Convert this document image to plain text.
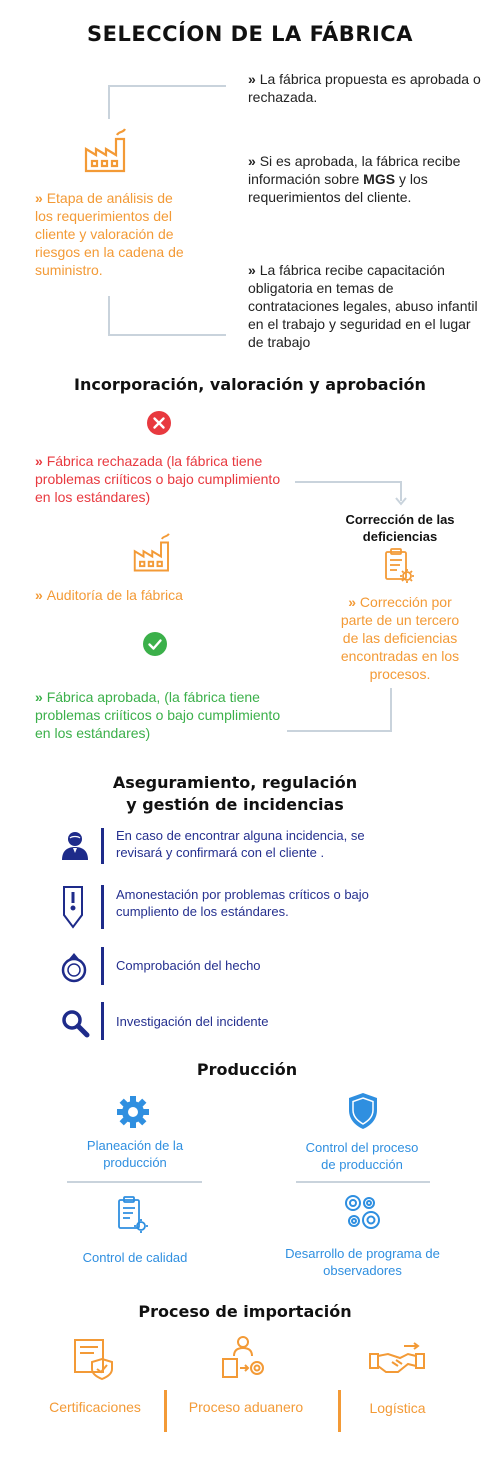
SELECCÍON DE LA FÁBRICA
» Etapa de análisis de los requerimientos del cliente y valoración de riesgos en la cadena de suministro.
» La fábrica propuesta es aprobada o rechazada.
» Si es aprobada, la fábrica recibe información sobre MGS y los requerimientos del cliente.
» La fábrica recibe capacitación obligatoria en temas de contrataciones legales, abuso infantil en el trabajo y seguridad en el lugar de trabajo
Incorporación, valoración y aprobación
» Fábrica rechazada (la fábrica tiene problemas criíticos o bajo cumplimiento en los estándares)
» Auditoría de la fábrica
» Fábrica aprobada, (la fábrica tiene problemas criíticos o bajo cumplimiento en los estándares)
Corrección de las deficiencias
» Corrección por parte de un tercero de las deficiencias encontradas en los procesos.
Aseguramiento, regulación
y gestión de incidencias
En caso de encontrar alguna incidencia, se revisará y confirmará con el cliente .
Amonestación por problemas críticos o bajo cumpliento de los estándares.
Comprobación del hecho
Investigación del incidente
Producción
Planeación de la producción
Control del proceso de producción
Control de calidad	Desarrollo de programa de observadores
Proceso de importación
Certificaciones	Proceso aduanero	Logística
